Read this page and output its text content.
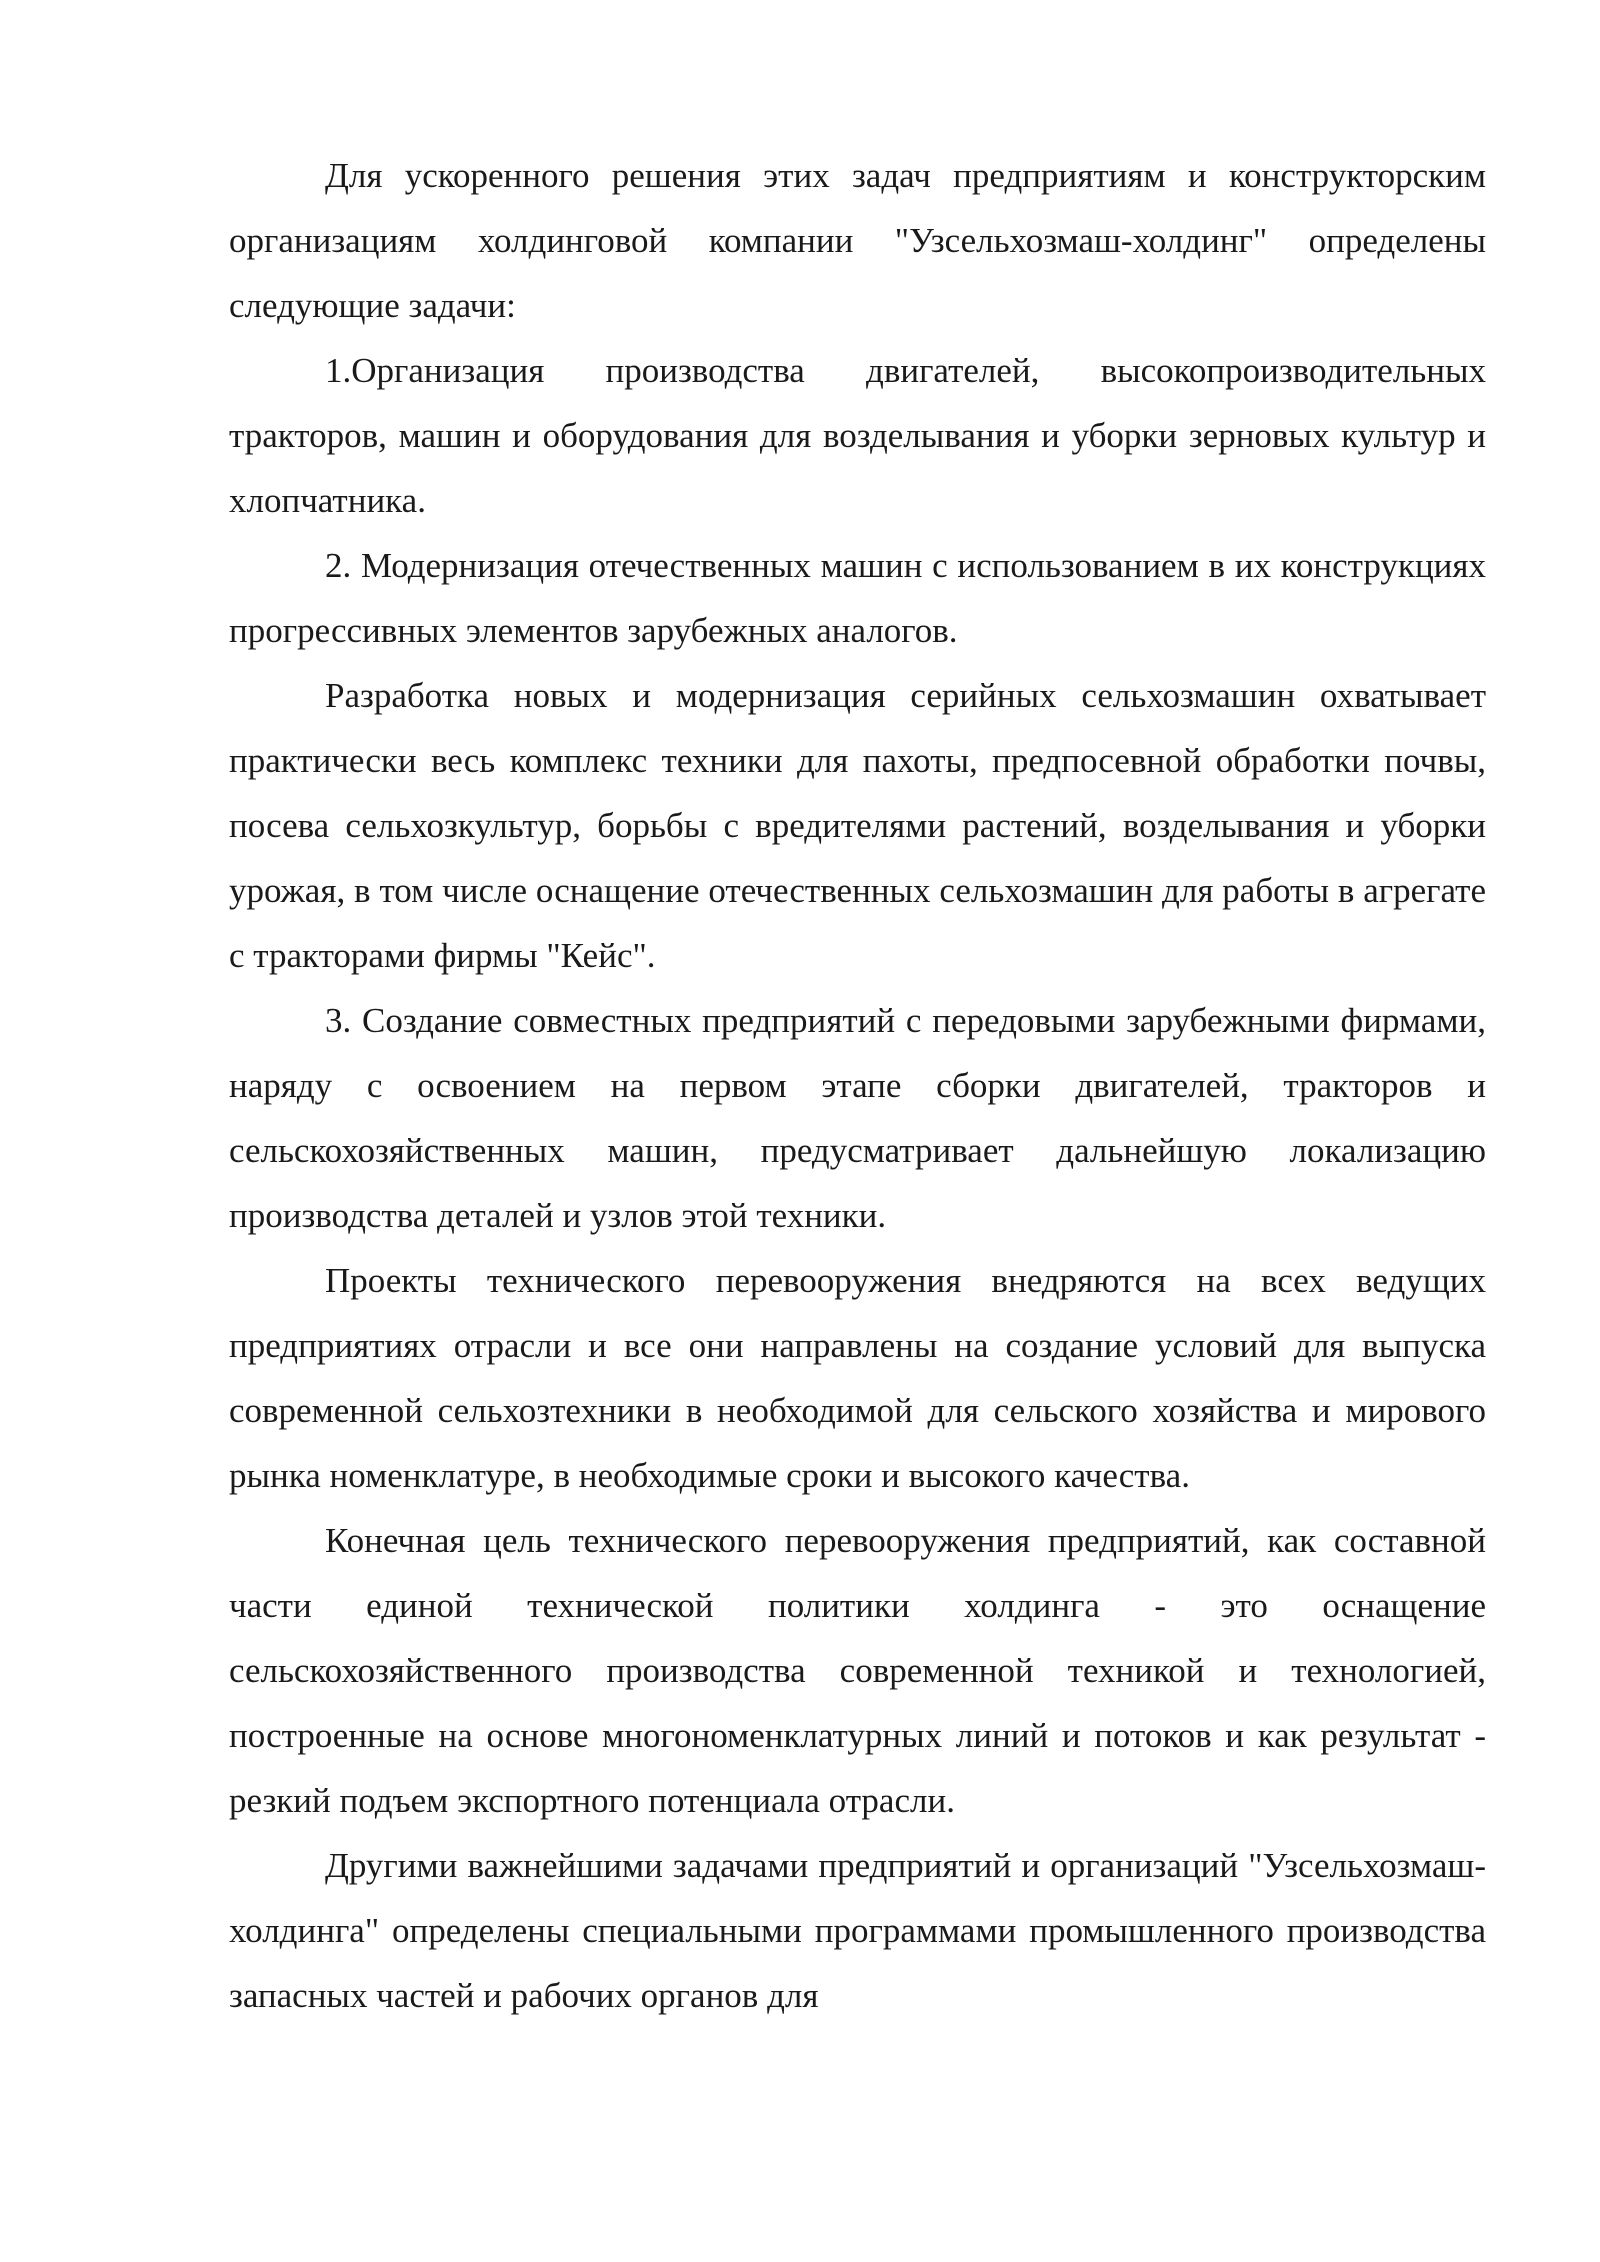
Для ускоренного решения этих задач предприятиям и конструкторским организациям холдинговой компании "Узсельхозмаш-холдинг" определены следующие задачи:

1.Организация производства двигателей, высокопроизводительных тракторов, машин и оборудования для возделывания и уборки зерновых культур и хлопчатника.

2. Модернизация отечественных машин с использованием в их конструкциях прогрессивных элементов зарубежных аналогов.

Разработка новых и модернизация серийных сельхозмашин охватывает практически весь комплекс техники для пахоты, предпосевной обработки почвы, посева сельхозкультур, борьбы с вредителями растений, возделывания и уборки урожая, в том числе оснащение отечественных сельхозмашин для работы в агрегате с тракторами фирмы "Кейс".

3. Создание совместных предприятий с передовыми зарубежными фирмами, наряду с освоением на первом этапе сборки двигателей, тракторов и сельскохозяйственных машин, предусматривает дальнейшую локализацию производства деталей и узлов этой техники.

Проекты технического перевооружения внедряются на всех ведущих предприятиях отрасли и все они направлены на создание условий для выпуска современной сельхозтехники в необходимой для сельского хозяйства и мирового рынка номенклатуре, в необходимые сроки и высокого качества.

Конечная цель технического перевооружения предприятий, как составной части единой технической политики холдинга - это оснащение сельскохозяйственного производства современной техникой и технологией, построенные на основе многономенклатурных линий и потоков и как результат - резкий подъем экспортного потенциала отрасли.

Другими важнейшими задачами предприятий и организаций "Узсельхозмаш-холдинга" определены специальными программами промышленного производства запасных частей и рабочих органов для
